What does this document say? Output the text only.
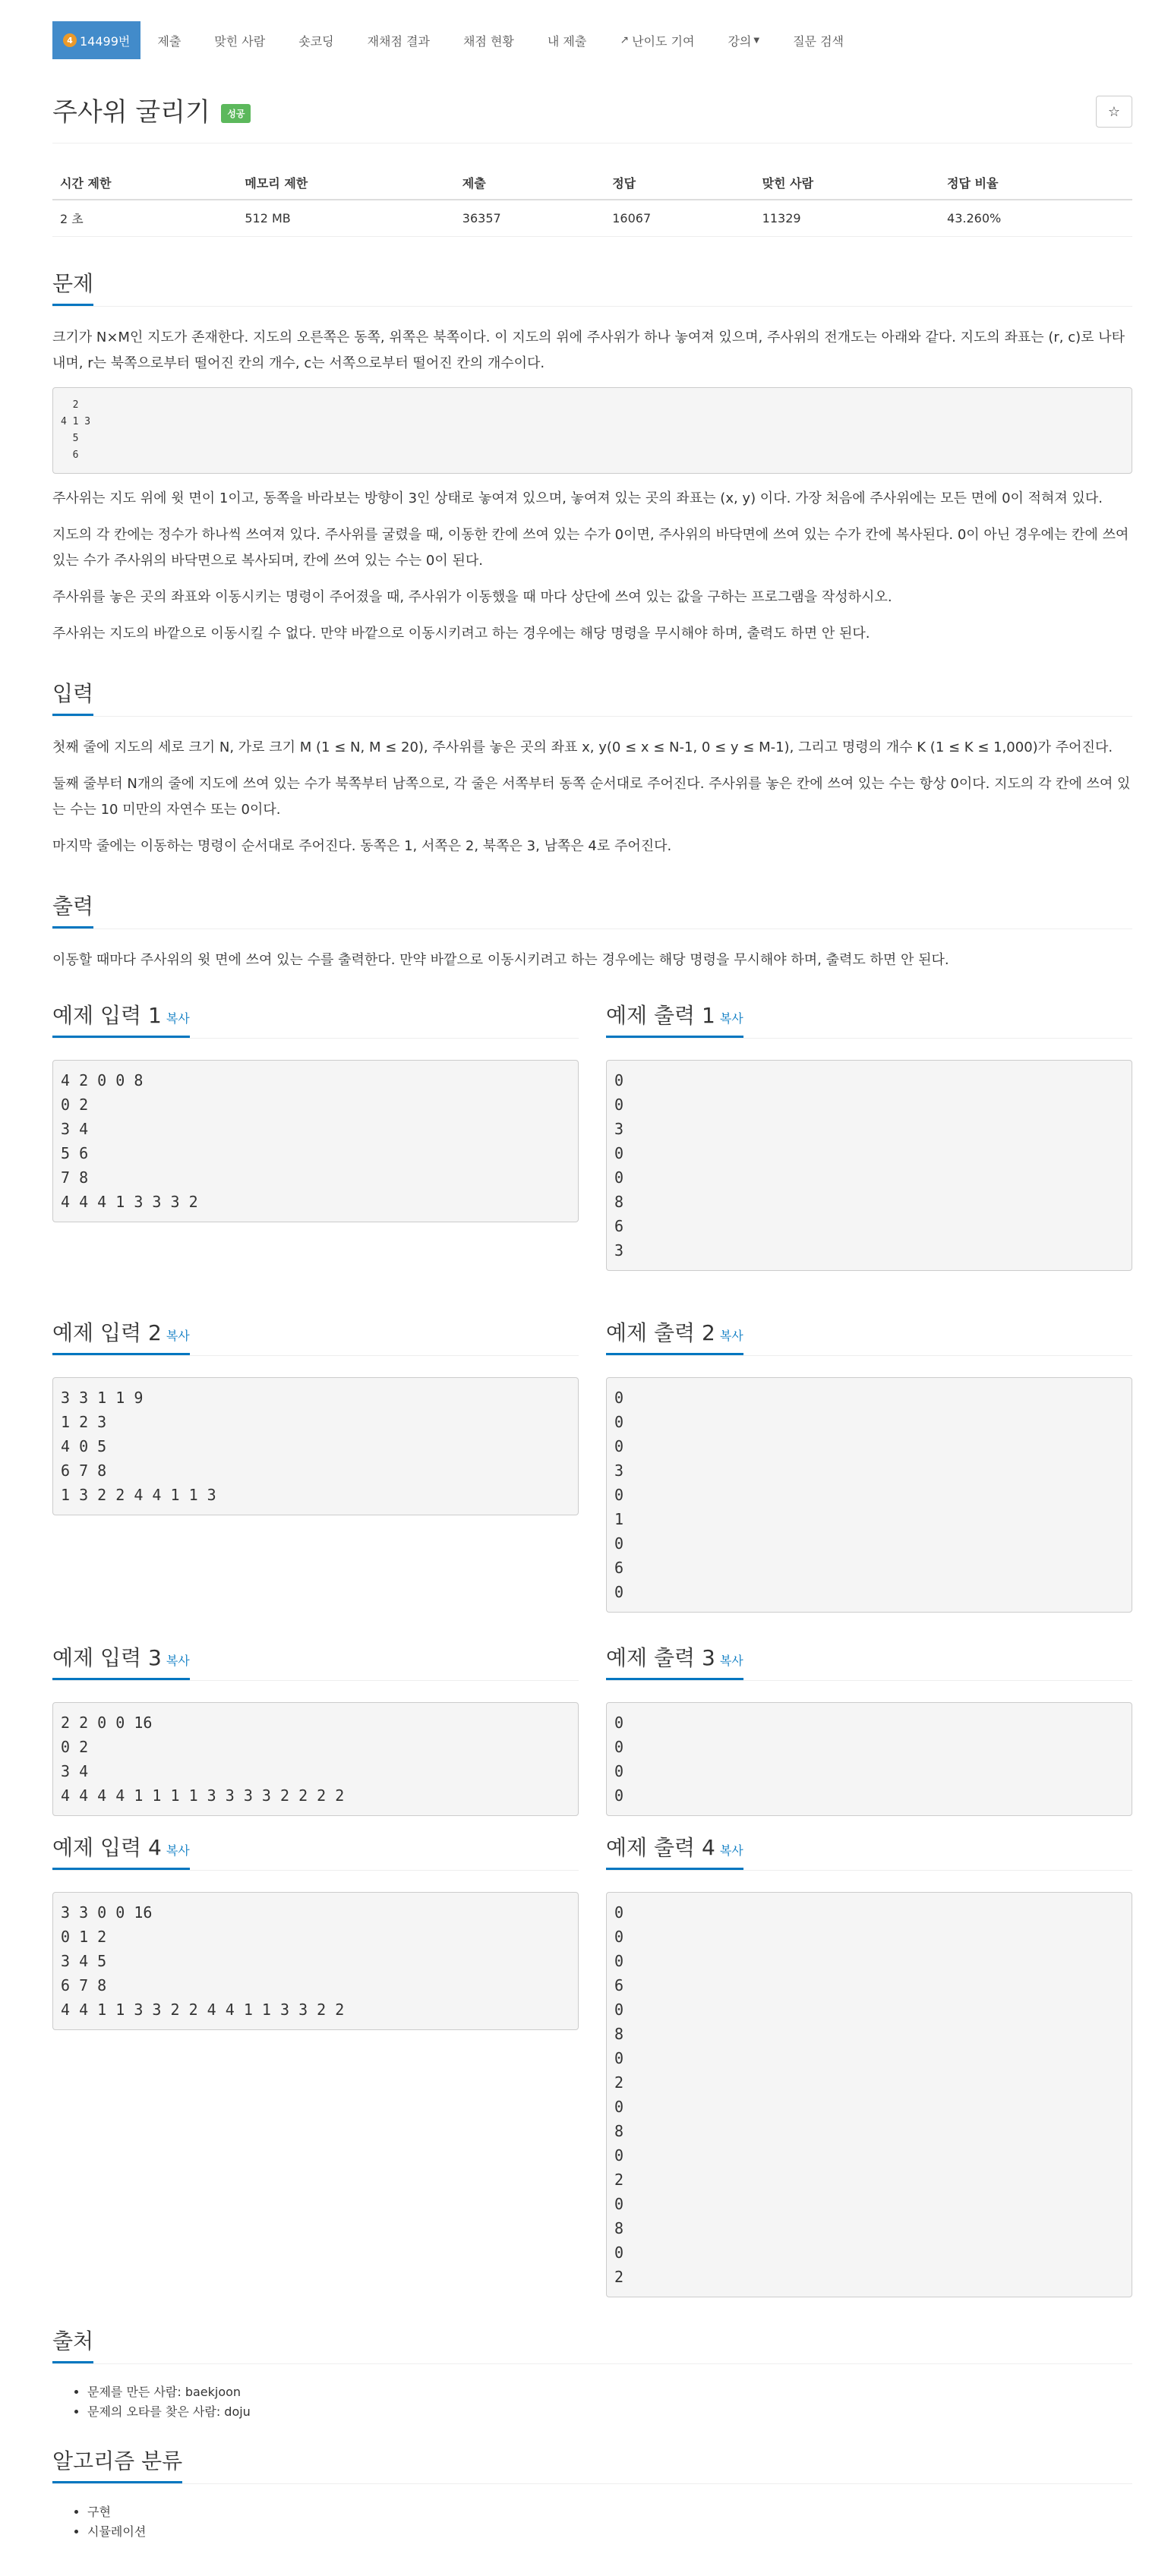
4 14499번	제출	맞힌 사람	숏코딩	재채점 결과	채점 현황	내 제출	↗ 난이도 기여	강의 ▼	질문 검색
주사위 굴리기 성공	☆
시간 제한	메모리 제한	제출	정답	맞힌 사람	정답 비율
2 초	512 MB	36357	16067	11329	43.260%
문제

크기가 N×M인 지도가 존재한다. 지도의 오른쪽은 동쪽, 위쪽은 북쪽이다. 이 지도의 위에 주사위가 하나 놓여져 있으며, 주사위의 전개도는 아래와 같다. 지도의 좌표는 (r, c)로 나타내며, r는 북쪽으로부터 떨어진 칸의 개수, c는 서쪽으로부터 떨어진 칸의 개수이다.

2
4 1 3
5
6

주사위는 지도 위에 윗 면이 1이고, 동쪽을 바라보는 방향이 3인 상태로 놓여져 있으며, 놓여져 있는 곳의 좌표는 (x, y) 이다. 가장 처음에 주사위에는 모든 면에 0이 적혀져 있다.

지도의 각 칸에는 정수가 하나씩 쓰여져 있다. 주사위를 굴렸을 때, 이동한 칸에 쓰여 있는 수가 0이면, 주사위의 바닥면에 쓰여 있는 수가 칸에 복사된다. 0이 아닌 경우에는 칸에 쓰여 있는 수가 주사위의 바닥면으로 복사되며, 칸에 쓰여 있는 수는 0이 된다.

주사위를 놓은 곳의 좌표와 이동시키는 명령이 주어졌을 때, 주사위가 이동했을 때 마다 상단에 쓰여 있는 값을 구하는 프로그램을 작성하시오.

주사위는 지도의 바깥으로 이동시킬 수 없다. 만약 바깥으로 이동시키려고 하는 경우에는 해당 명령을 무시해야 하며, 출력도 하면 안 된다.

입력

첫째 줄에 지도의 세로 크기 N, 가로 크기 M (1 ≤ N, M ≤ 20), 주사위를 놓은 곳의 좌표 x, y(0 ≤ x ≤ N-1, 0 ≤ y ≤ M-1), 그리고 명령의 개수 K (1 ≤ K ≤ 1,000)가 주어진다.

둘째 줄부터 N개의 줄에 지도에 쓰여 있는 수가 북쪽부터 남쪽으로, 각 줄은 서쪽부터 동쪽 순서대로 주어진다. 주사위를 놓은 칸에 쓰여 있는 수는 항상 0이다. 지도의 각 칸에 쓰여 있는 수는 10 미만의 자연수 또는 0이다.

마지막 줄에는 이동하는 명령이 순서대로 주어진다. 동쪽은 1, 서쪽은 2, 북쪽은 3, 남쪽은 4로 주어진다.

출력

이동할 때마다 주사위의 윗 면에 쓰여 있는 수를 출력한다. 만약 바깥으로 이동시키려고 하는 경우에는 해당 명령을 무시해야 하며, 출력도 하면 안 된다.

예제 입력 1 복사
4 2 0 0 8
0 2
3 4
5 6
7 8
4 4 4 1 3 3 3 2
예제 출력 1 복사
0
0
3
0
0
8
6
3
예제 입력 2 복사
3 3 1 1 9
1 2 3
4 0 5
6 7 8
1 3 2 2 4 4 1 1 3
예제 출력 2 복사
0
0
0
3
0
1
0
6
0
예제 입력 3 복사
2 2 0 0 16
0 2
3 4
4 4 4 4 1 1 1 1 3 3 3 3 2 2 2 2
예제 출력 3 복사
0
0
0
0
예제 입력 4 복사
3 3 0 0 16
0 1 2
3 4 5
6 7 8
4 4 1 1 3 3 2 2 4 4 1 1 3 3 2 2
예제 출력 4 복사
0
0
0
6
0
8
0
2
0
8
0
2
0
8
0
2
출처
• 문제를 만든 사람: baekjoon
• 문제의 오타를 찾은 사람: doju
알고리즘 분류
• 구현
• 시뮬레이션
